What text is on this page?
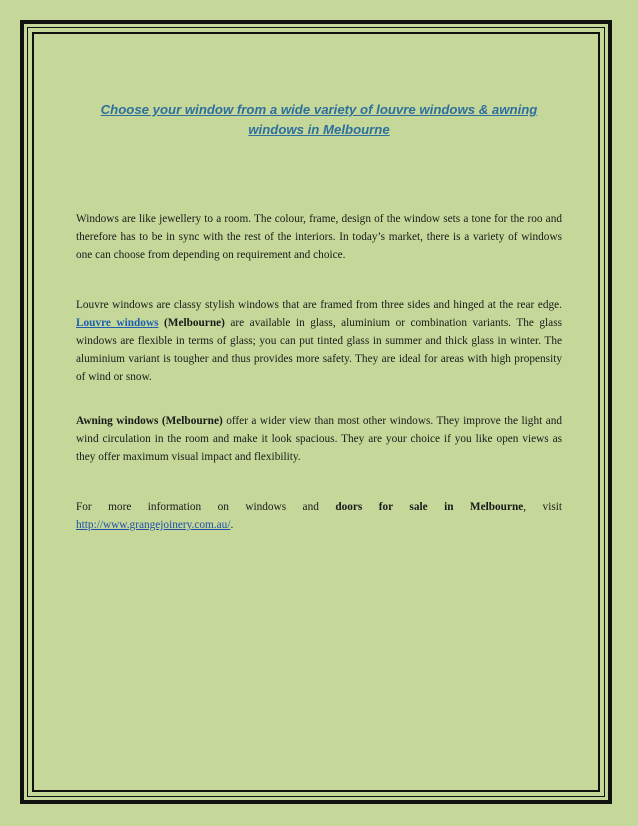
Choose your window from a wide variety of louvre windows & awning
windows in Melbourne

Windows are like jewellery to a room. The colour, frame, design of the window sets a tone for the roo and therefore has to be in sync with the rest of the interiors. In today’s market, there is a variety of windows one can choose from depending on requirement and choice.

Louvre windows are classy stylish windows that are framed from three sides and hinged at the rear edge. Louvre windows (Melbourne) are available in glass, aluminium or combination variants. The glass windows are flexible in terms of glass; you can put tinted glass in summer and thick glass in winter. The aluminium variant is tougher and thus provides more safety. They are ideal for areas with high propensity of wind or snow.

Awning windows (Melbourne) offer a wider view than most other windows. They improve the light and wind circulation in the room and make it look spacious. They are your choice if you like open views as they offer maximum visual impact and flexibility.

For more information on windows and doors for sale in Melbourne, visit
http://www.grangejoinery.com.au/.
